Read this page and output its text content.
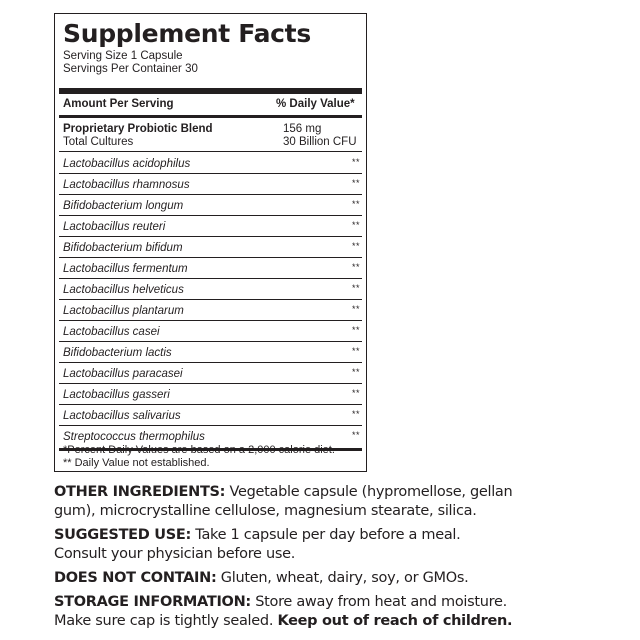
Supplement Facts
Serving Size 1 Capsule
Servings Per Container 30
Amount Per Serving	% Daily Value*
Proprietary Probiotic Blend	156 mg
Total Cultures	30 Billion CFU
Lactobacillus acidophilus	**
Lactobacillus rhamnosus	**
Bifidobacterium longum	**
Lactobacillus reuteri	**
Bifidobacterium bifidum	**
Lactobacillus fermentum	**
Lactobacillus helveticus	**
Lactobacillus plantarum	**
Lactobacillus casei	**
Bifidobacterium lactis	**
Lactobacillus paracasei	**
Lactobacillus gasseri	**
Lactobacillus salivarius	**
Streptococcus thermophilus	**
*Percent Daily Values are based on a 2,000 calorie diet.
** Daily Value not established.
OTHER INGREDIENTS: Vegetable capsule (hypromellose, gellan
gum), microcrystalline cellulose, magnesium stearate, silica.
SUGGESTED USE: Take 1 capsule per day before a meal.
Consult your physician before use.
DOES NOT CONTAIN: Gluten, wheat, dairy, soy, or GMOs.
STORAGE INFORMATION: Store away from heat and moisture.
Make sure cap is tightly sealed. Keep out of reach of children.
